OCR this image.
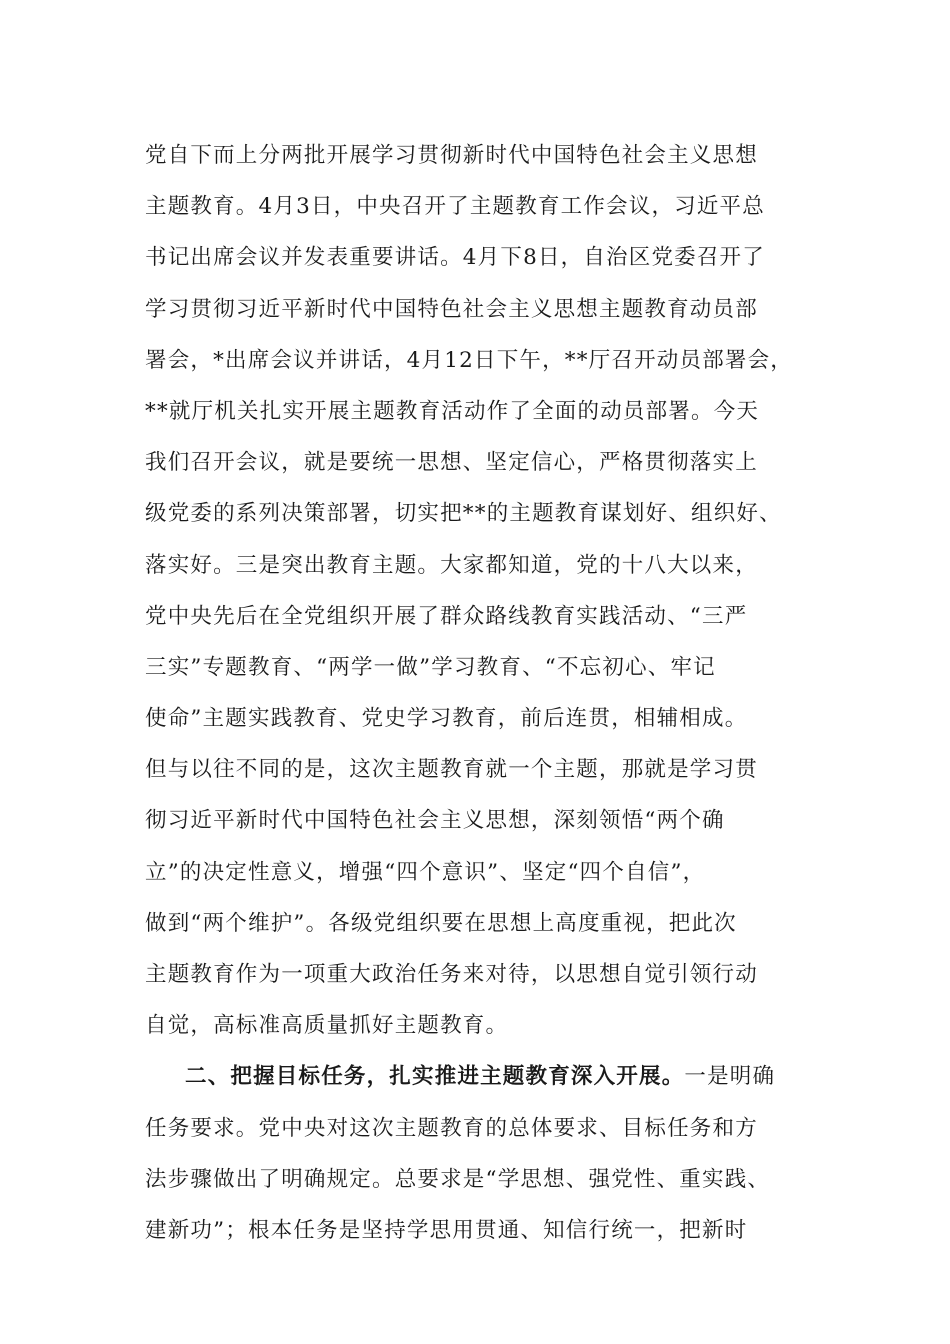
党自下而上分两批开展学习贯彻新时代中国特色社会主义思想
主题教育。4月3日，中央召开了主题教育工作会议，习近平总
书记出席会议并发表重要讲话。4月下8日，自治区党委召开了
学习贯彻习近平新时代中国特色社会主义思想主题教育动员部
署会，*出席会议并讲话，4月12日下午，**厅召开动员部署会，
**就厅机关扎实开展主题教育活动作了全面的动员部署。今天
我们召开会议，就是要统一思想、坚定信心，严格贯彻落实上
级党委的系列决策部署，切实把**的主题教育谋划好、组织好、
落实好。三是突出教育主题。大家都知道，党的十八大以来，
党中央先后在全党组织开展了群众路线教育实践活动、“三严
三实”专题教育、“两学一做”学习教育、“不忘初心、牢记
使命”主题实践教育、党史学习教育，前后连贯，相辅相成。
但与以往不同的是，这次主题教育就一个主题，那就是学习贯
彻习近平新时代中国特色社会主义思想，深刻领悟“两个确
立”的决定性意义，增强“四个意识”、坚定“四个自信”，
做到“两个维护”。各级党组织要在思想上高度重视，把此次
主题教育作为一项重大政治任务来对待，以思想自觉引领行动
自觉，高标准高质量抓好主题教育。
二、把握目标任务，扎实推进主题教育深入开展。一是明确
任务要求。党中央对这次主题教育的总体要求、目标任务和方
法步骤做出了明确规定。总要求是“学思想、强党性、重实践、
建新功”；根本任务是坚持学思用贯通、知信行统一，把新时
